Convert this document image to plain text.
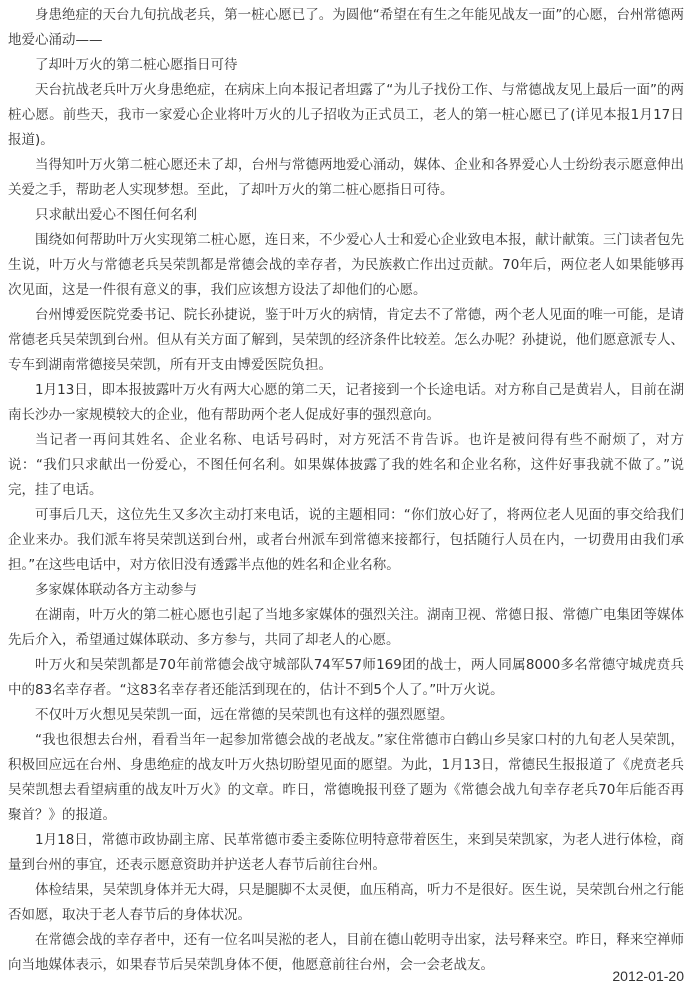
身患绝症的天台九旬抗战老兵，第一桩心愿已了。为圆他“希望在有生之年能见战友一面”的心愿，台州常德两地爱心涌动——

了却叶万火的第二桩心愿指日可待

天台抗战老兵叶万火身患绝症，在病床上向本报记者坦露了“为儿子找份工作、与常德战友见上最后一面”的两桩心愿。前些天，我市一家爱心企业将叶万火的儿子招收为正式员工，老人的第一桩心愿已了(详见本报1月17日报道)。

当得知叶万火第二桩心愿还未了却，台州与常德两地爱心涌动，媒体、企业和各界爱心人士纷纷表示愿意伸出关爱之手，帮助老人实现梦想。至此，了却叶万火的第二桩心愿指日可待。

只求献出爱心不图任何名利

围绕如何帮助叶万火实现第二桩心愿，连日来，不少爱心人士和爱心企业致电本报，献计献策。三门读者包先生说，叶万火与常德老兵吴荣凯都是常德会战的幸存者，为民族救亡作出过贡献。70年后，两位老人如果能够再次见面，这是一件很有意义的事，我们应该想方设法了却他们的心愿。

台州博爱医院党委书记、院长孙捷说，鉴于叶万火的病情，肯定去不了常德，两个老人见面的唯一可能，是请常德老兵吴荣凯到台州。但从有关方面了解到，吴荣凯的经济条件比较差。怎么办呢？孙捷说，他们愿意派专人、专车到湖南常德接吴荣凯，所有开支由博爱医院负担。

1月13日，即本报披露叶万火有两大心愿的第二天，记者接到一个长途电话。对方称自己是黄岩人，目前在湖南长沙办一家规模较大的企业，他有帮助两个老人促成好事的强烈意向。

当记者一再问其姓名、企业名称、电话号码时，对方死活不肯告诉。也许是被问得有些不耐烦了，对方说：“我们只求献出一份爱心，不图任何名利。如果媒体披露了我的姓名和企业名称，这件好事我就不做了。”说完，挂了电话。

可事后几天，这位先生又多次主动打来电话，说的主题相同：“你们放心好了，将两位老人见面的事交给我们企业来办。我们派车将吴荣凯送到台州，或者台州派车到常德来接都行，包括随行人员在内，一切费用由我们承担。”在这些电话中，对方依旧没有透露半点他的姓名和企业名称。

多家媒体联动各方主动参与

在湖南，叶万火的第二桩心愿也引起了当地多家媒体的强烈关注。湖南卫视、常德日报、常德广电集团等媒体先后介入，希望通过媒体联动、多方参与，共同了却老人的心愿。

叶万火和吴荣凯都是70年前常德会战守城部队74军57师169团的战士，两人同属8000多名常德守城虎贲兵中的83名幸存者。“这83名幸存者还能活到现在的，估计不到5个人了。”叶万火说。

不仅叶万火想见吴荣凯一面，远在常德的吴荣凯也有这样的强烈愿望。

“我也很想去台州，看看当年一起参加常德会战的老战友。”家住常德市白鹤山乡吴家口村的九旬老人吴荣凯，积极回应远在台州、身患绝症的战友叶万火热切盼望见面的愿望。为此，1月13日，常德民生报报道了《虎贲老兵吴荣凯想去看望病重的战友叶万火》的文章。昨日，常德晚报刊登了题为《常德会战九旬幸存老兵70年后能否再聚首？》的报道。

1月18日，常德市政协副主席、民革常德市委主委陈位明特意带着医生，来到吴荣凯家，为老人进行体检，商量到台州的事宜，还表示愿意资助并护送老人春节后前往台州。

体检结果，吴荣凯身体并无大碍，只是腿脚不太灵便，血压稍高，听力不是很好。医生说，吴荣凯台州之行能否如愿，取决于老人春节后的身体状况。

在常德会战的幸存者中，还有一位名叫吴淞的老人，目前在德山乾明寺出家，法号释来空。昨日，释来空禅师向当地媒体表示，如果春节后吴荣凯身体不便，他愿意前往台州，会一会老战友。

2012-01-20
